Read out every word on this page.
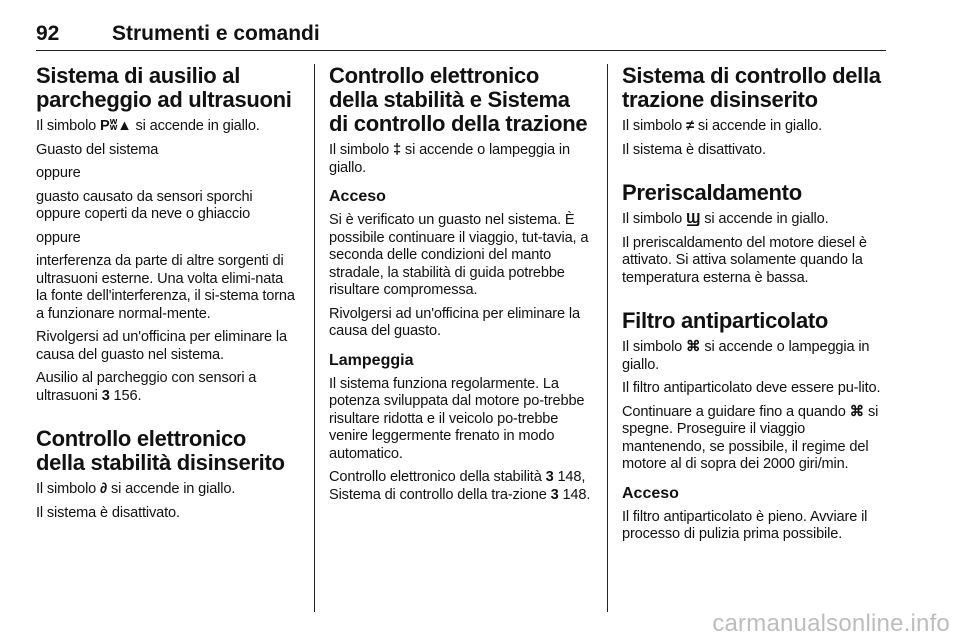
92	Strumenti e comandi
Sistema di ausilio al parcheggio ad ultrasuoni

Il simbolo Pʬ▲ si accende in giallo.

Guasto del sistema

oppure

guasto causato da sensori sporchi oppure coperti da neve o ghiaccio

oppure

interferenza da parte di altre sorgenti di ultrasuoni esterne. Una volta elimi-nata la fonte dell'interferenza, il si-stema torna a funzionare normal-mente.

Rivolgersi ad un'officina per eliminare la causa del guasto nel sistema.

Ausilio al parcheggio con sensori a ultrasuoni 3 156.

Controllo elettronico della stabilità disinserito

Il simbolo ∂ si accende in giallo.

Il sistema è disattivato.

Controllo elettronico della stabilità e Sistema di controllo della trazione

Il simbolo ‡ si accende o lampeggia in giallo.

Acceso

Si è verificato un guasto nel sistema. È possibile continuare il viaggio, tut-tavia, a seconda delle condizioni del manto stradale, la stabilità di guida potrebbe risultare compromessa.

Rivolgersi ad un'officina per eliminare la causa del guasto.

Lampeggia

Il sistema funziona regolarmente. La potenza sviluppata dal motore po-trebbe risultare ridotta e il veicolo po-trebbe venire leggermente frenato in modo automatico.

Controllo elettronico della stabilità 3 148, Sistema di controllo della tra-zione 3 148.

Sistema di controllo della trazione disinserito

Il simbolo ≠ si accende in giallo.

Il sistema è disattivato.

Preriscaldamento

Il simbolo Ϣ si accende in giallo.

Il preriscaldamento del motore diesel è attivato. Si attiva solamente quando la temperatura esterna è bassa.

Filtro antiparticolato

Il simbolo ⌘ si accende o lampeggia in giallo.

Il filtro antiparticolato deve essere pu-lito.

Continuare a guidare fino a quando ⌘ si spegne. Proseguire il viaggio mantenendo, se possibile, il regime del motore al di sopra dei 2000 giri/min.

Acceso

Il filtro antiparticolato è pieno. Avviare il processo di pulizia prima possibile.

carmanualsonline.info
